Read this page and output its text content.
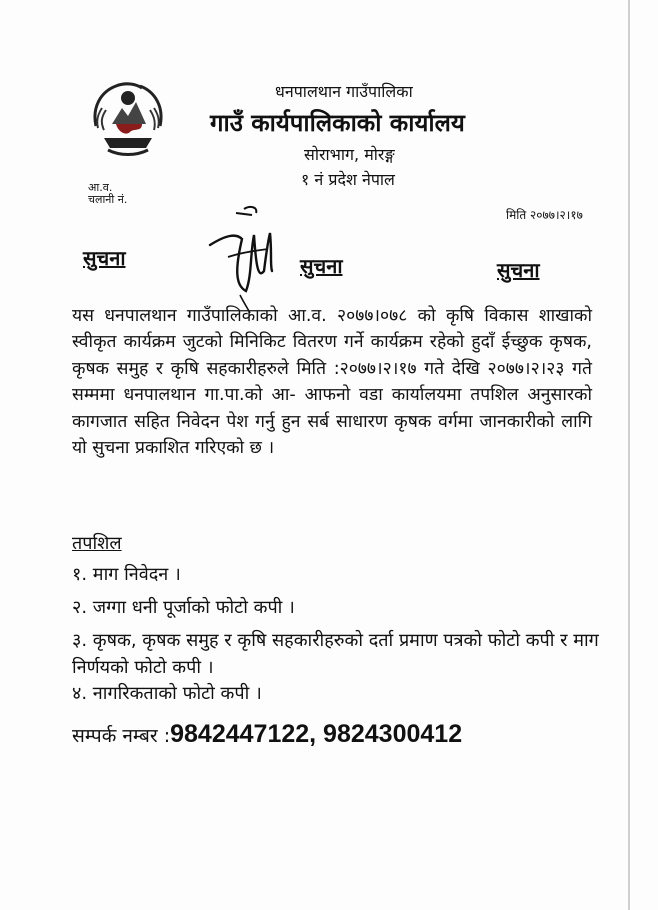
धनपालथान गाउँपालिका
गाउँ कार्यपालिकाको कार्यालय
सोराभाग, मोरङ्ग
१ नं प्रदेश नेपाल
आ.व.
चलानी नं.
मिति २०७७।२।१७
सुचना	सुचना	सुचना
यस धनपालथान गाउँपालिकाको आ.व. २०७७।०७८ को कृषि विकास शाखाको स्वीकृत कार्यक्रम जुटको मिनिकिट वितरण गर्ने कार्यक्रम रहेको हुदाँ ईच्छुक कृषक, कृषक समुह र कृषि सहकारीहरुले मिति :२०७७।२।१७ गते देखि २०७७।२।२३ गते सम्ममा धनपालथान गा.पा.को आ- आफनो वडा कार्यालयमा तपशिल अनुसारको कागजात सहित निवेदन पेश गर्नु हुन सर्ब साधारण कृषक वर्गमा जानकारीको लागि यो सुचना प्रकाशित गरिएको छ ।
तपशिल
१. माग निवेदन ।
२. जग्गा धनी पूर्जाको फोटो कपी ।
३. कृषक, कृषक समुह र कृषि सहकारीहरुको दर्ता प्रमाण पत्रको फोटो कपी र माग निर्णयको फोटो कपी ।
४. नागरिकताको फोटो कपी ।
सम्पर्क नम्बर :9842447122, 9824300412
